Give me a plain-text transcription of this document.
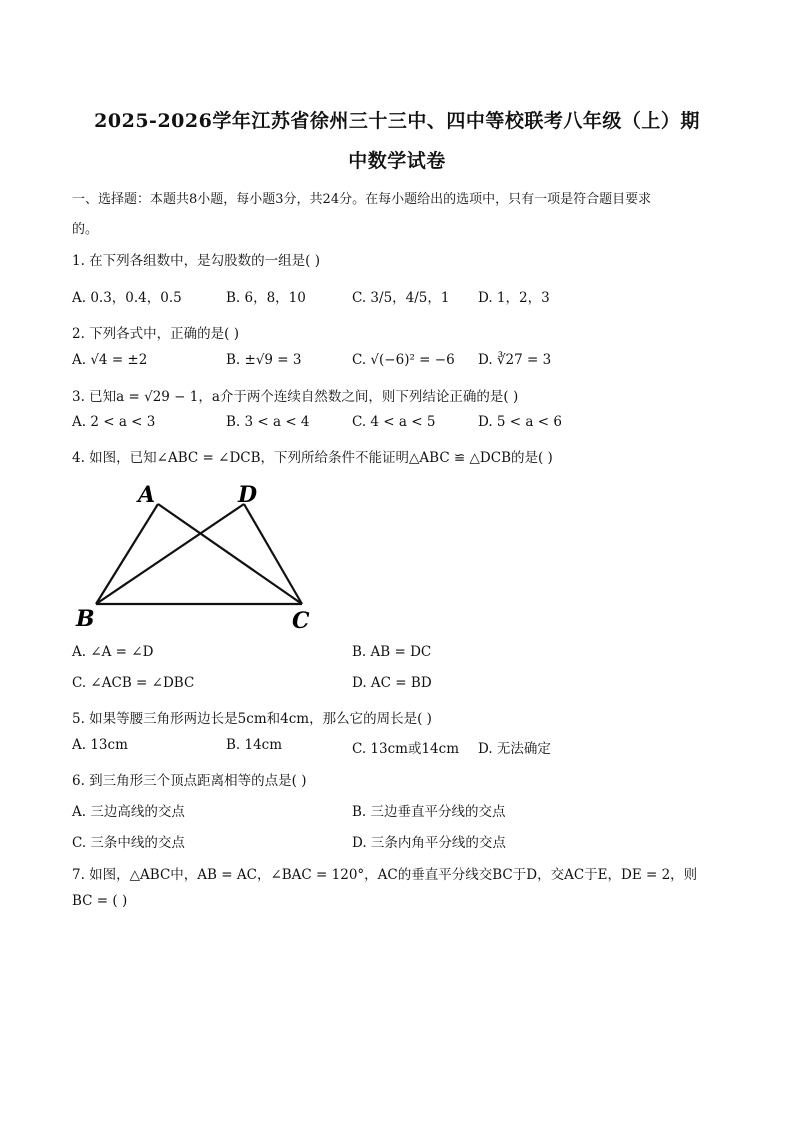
2025-2026学年江苏省徐州三十三中、四中等校联考八年级（上）期
中数学试卷
一、选择题：本题共8小题，每小题3分，共24分。在每小题给出的选项中，只有一项是符合题目要求
的。
1. 在下列各组数中，是勾股数的一组是( )
A. 0.3，0.4，0.5	B. 6，8，10	C. 3/5，4/5，1 D. 1，2，3
2. 下列各式中，正确的是( )
A. √4 = ±2	B. ±√9 = 3	C. √(−6)² = −6 D. ∛27 = 3
3. 已知a = √29 − 1，a介于两个连续自然数之间，则下列结论正确的是( )
A. 2 < a < 3	B. 3 < a < 4	C. 4 < a < 5	D. 5 < a < 6
4. 如图，已知∠ABC = ∠DCB，下列所给条件不能证明△ABC ≌ △DCB的是( )
A	D
B	C
A. ∠A = ∠D	B. AB = DC
C. ∠ACB = ∠DBC	D. AC = BD
5. 如果等腰三角形两边长是5cm和4cm，那么它的周长是( )
A. 13cm	B. 14cm	C. 13cm或14cm D. 无法确定
6. 到三角形三个顶点距离相等的点是( )
A. 三边高线的交点	B. 三边垂直平分线的交点
C. 三条中线的交点	D. 三条内角平分线的交点
7. 如图，△ABC中，AB = AC，∠BAC = 120°，AC的垂直平分线交BC于D，交AC于E，DE = 2，则
BC = ( )
